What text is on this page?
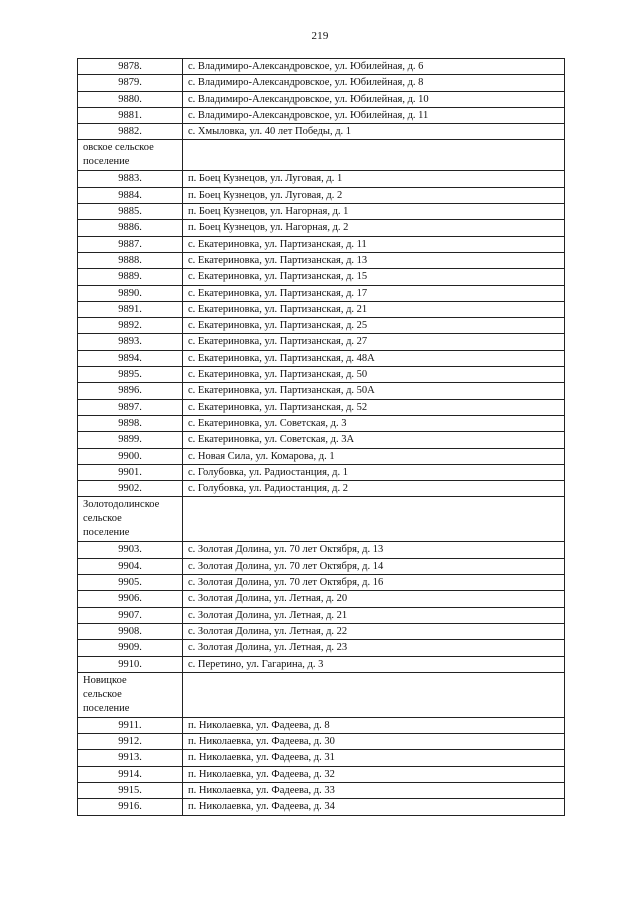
219
9878.	с. Владимиро-Александровское, ул. Юбилейная, д. 6
9879.	с. Владимиро-Александровское, ул. Юбилейная, д. 8
9880.	с. Владимиро-Александровское, ул. Юбилейная, д. 10
9881.	с. Владимиро-Александровское, ул. Юбилейная, д. 11
9882.	с. Хмыловка, ул. 40 лет Победы, д. 1

овское сельское
поселение	

9883.	п. Боец Кузнецов, ул. Луговая, д. 1
9884.	п. Боец Кузнецов, ул. Луговая, д. 2
9885.	п. Боец Кузнецов, ул. Нагорная, д. 1
9886.	п. Боец Кузнецов, ул. Нагорная, д. 2
9887.	с. Екатериновка, ул. Партизанская, д. 11
9888.	с. Екатериновка, ул. Партизанская, д. 13
9889.	с. Екатериновка, ул. Партизанская, д. 15
9890.	с. Екатериновка, ул. Партизанская, д. 17
9891.	с. Екатериновка, ул. Партизанская, д. 21
9892.	с. Екатериновка, ул. Партизанская, д. 25
9893.	с. Екатериновка, ул. Партизанская, д. 27
9894.	с. Екатериновка, ул. Партизанская, д. 48А
9895.	с. Екатериновка, ул. Партизанская, д. 50
9896.	с. Екатериновка, ул. Партизанская, д. 50А
9897.	с. Екатериновка, ул. Партизанская, д. 52
9898.	с. Екатериновка, ул. Советская, д. 3
9899.	с. Екатериновка, ул. Советская, д. 3А
9900.	с. Новая Сила, ул. Комарова, д. 1
9901.	с. Голубовка, ул. Радиостанция, д. 1
9902.	с. Голубовка, ул. Радиостанция, д. 2

Золотодолинское
сельское
поселение	

9903.	с. Золотая Долина, ул. 70 лет Октября, д. 13
9904.	с. Золотая Долина, ул. 70 лет Октября, д. 14
9905.	с. Золотая Долина, ул. 70 лет Октября, д. 16
9906.	с. Золотая Долина, ул. Летная, д. 20
9907.	с. Золотая Долина, ул. Летная, д. 21
9908.	с. Золотая Долина, ул. Летная, д. 22
9909.	с. Золотая Долина, ул. Летная, д. 23
9910.	с. Перетино, ул. Гагарина, д. 3

Новицкое
сельское
поселение	

9911.	п. Николаевка, ул. Фадеева, д. 8
9912.	п. Николаевка, ул. Фадеева, д. 30
9913.	п. Николаевка, ул. Фадеева, д. 31
9914.	п. Николаевка, ул. Фадеева, д. 32
9915.	п. Николаевка, ул. Фадеева, д. 33
9916.	п. Николаевка, ул. Фадеева, д. 34
